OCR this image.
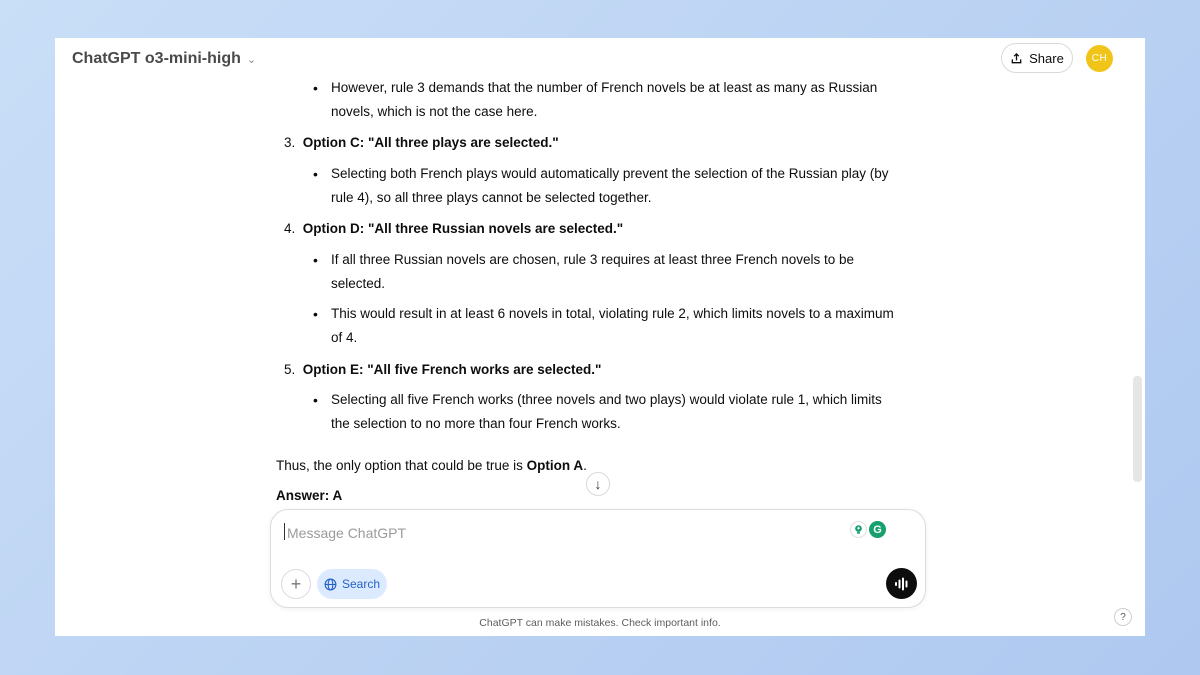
ChatGPT o3-mini-high ⌄	Share	CH
• However, rule 3 demands that the number of French novels be at least as many as Russian
novels, which is not the case here.
3. Option C: "All three plays are selected."
• Selecting both French plays would automatically prevent the selection of the Russian play (by
rule 4), so all three plays cannot be selected together.
4. Option D: "All three Russian novels are selected."
• If all three Russian novels are chosen, rule 3 requires at least three French novels to be
selected.
• This would result in at least 6 novels in total, violating rule 2, which limits novels to a maximum
of 4.
5. Option E: "All five French works are selected."
• Selecting all five French works (three novels and two plays) would violate rule 1, which limits
the selection to no more than four French works.
Thus, the only option that could be true is Option A.
Answer: A
↓
Message ChatGPT
G
+	Search
ChatGPT can make mistakes. Check important info.	?
